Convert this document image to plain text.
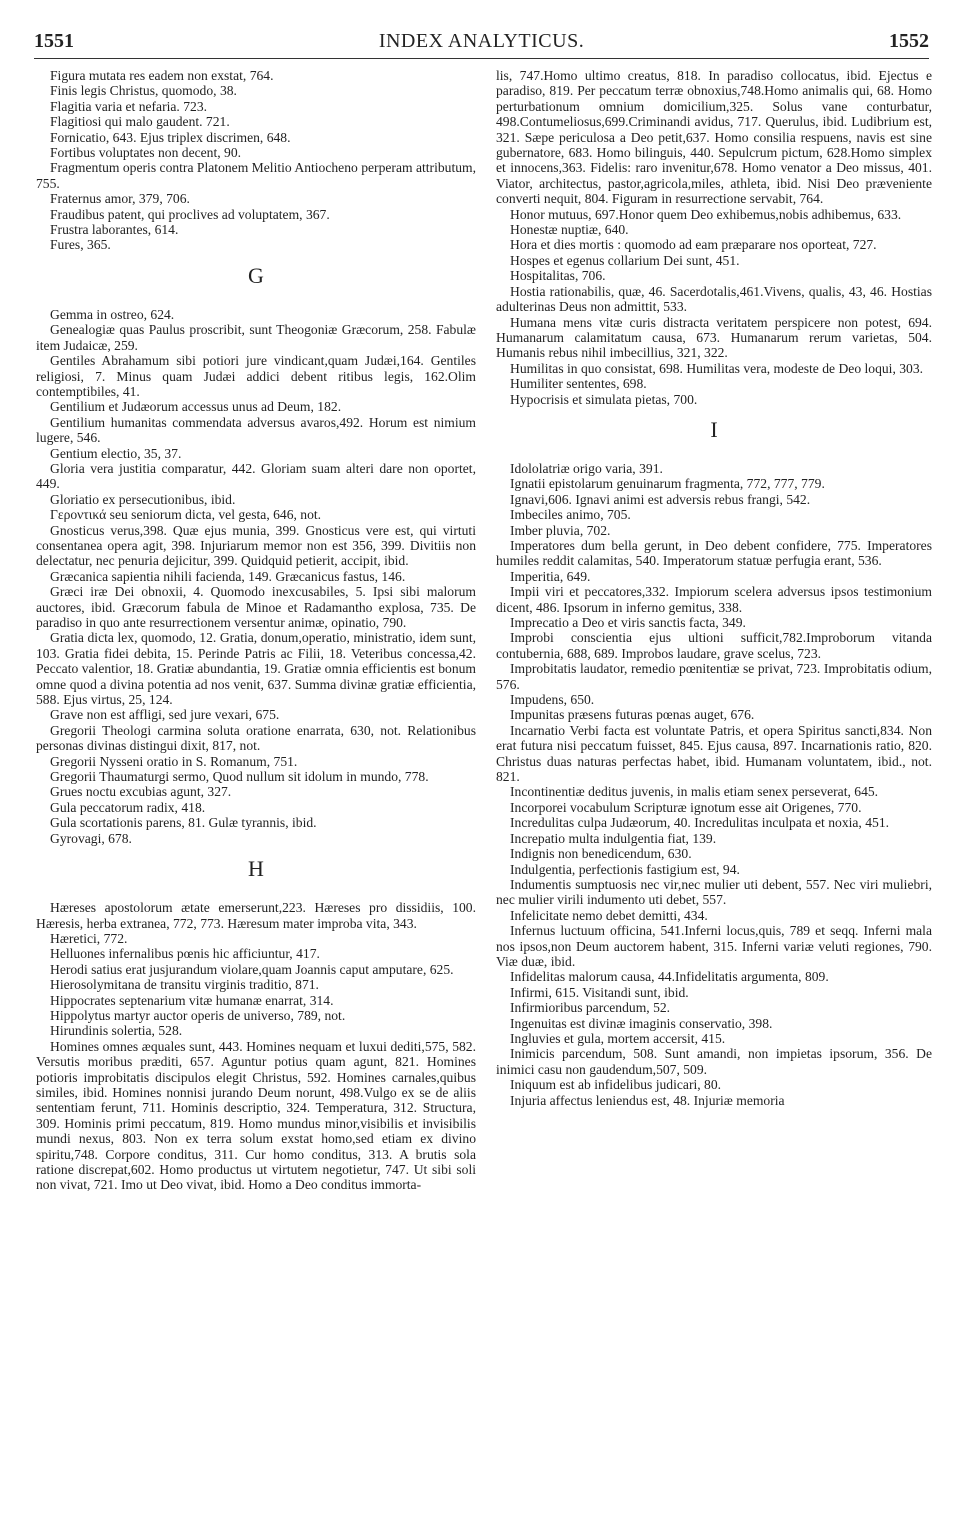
1551	INDEX ANALYTICUS.	1552

Figura mutata res eadem non exstat, 764.

Finis legis Christus, quomodo, 38.

Flagitia varia et nefaria. 723.

Flagitiosi qui malo gaudent. 721.

Fornicatio, 643. Ejus triplex discrimen, 648.

Fortibus voluptates non decent, 90.

Fragmentum operis contra Platonem Melitio Antiocheno perperam attributum, 755.

Fraternus amor, 379, 706.

Fraudibus patent, qui proclives ad voluptatem, 367.

Frustra laborantes, 614.

Fures, 365.

G

Gemma in ostreo, 624.

Genealogiæ quas Paulus proscribit, sunt Theogoniæ Græcorum, 258. Fabulæ item Judaicæ, 259.

Gentiles Abrahamum sibi potiori jure vindicant,quam Judæi,164. Gentiles religiosi, 7. Minus quam Judæi addici debent ritibus legis, 162.Olim contemptibiles, 41.

Gentilium et Judæorum accessus unus ad Deum, 182.

Gentilium humanitas commendata adversus avaros,492. Horum est nimium lugere, 546.

Gentium electio, 35, 37.

Gloria vera justitia comparatur, 442. Gloriam suam alteri dare non oportet, 449.

Gloriatio ex persecutionibus, ibid.

Γεροντικά seu seniorum dicta, vel gesta, 646, not.

Gnosticus verus,398. Quæ ejus munia, 399. Gnosticus vere est, qui virtuti consentanea opera agit, 398. Injuriarum memor non est 356, 399. Divitiis non delectatur, nec penuria dejicitur, 399. Quidquid petierit, accipit, ibid.

Græcanica sapientia nihili facienda, 149. Græcanicus fastus, 146.

Græci iræ Dei obnoxii, 4. Quomodo inexcusabiles, 5. Ipsi sibi malorum auctores, ibid. Græcorum fabula de Minoe et Radamantho explosa, 735. De paradiso in quo ante resurrectionem versentur animæ, opinatio, 790.

Gratia dicta lex, quomodo, 12. Gratia, donum,operatio, ministratio, idem sunt, 103. Gratia fidei debita, 15. Perinde Patris ac Filii, 18. Veteribus concessa,42. Peccato valentior, 18. Gratiæ abundantia, 19. Gratiæ omnia efficientis est bonum omne quod a divina potentia ad nos venit, 637. Summa divinæ gratiæ efficientia, 588. Ejus virtus, 25, 124.

Grave non est affligi, sed jure vexari, 675.

Gregorii Theologi carmina soluta oratione enarrata, 630, not. Relationibus personas divinas distingui dixit, 817, not.

Gregorii Nysseni oratio in S. Romanum, 751.

Gregorii Thaumaturgi sermo, Quod nullum sit idolum in mundo, 778.

Grues noctu excubias agunt, 327.

Gula peccatorum radix, 418.

Gula scortationis parens, 81. Gulæ tyrannis, ibid.

Gyrovagi, 678.

H

Hæreses apostolorum ætate emerserunt,223. Hæreses pro dissidiis, 100. Hæresis, herba extranea, 772, 773. Hæresum mater improba vita, 343.

Hæretici, 772.

Helluones infernalibus pœnis hic afficiuntur, 417.

Herodi satius erat jusjurandum violare,quam Joannis caput amputare, 625.

Hierosolymitana de transitu virginis traditio, 871.

Hippocrates septenarium vitæ humanæ enarrat, 314.

Hippolytus martyr auctor operis de universo, 789, not.

Hirundinis solertia, 528.

Homines omnes æquales sunt, 443. Homines nequam et luxui dediti,575, 582. Versutis moribus præditi, 657. Aguntur potius quam agunt, 821. Homines potioris improbitatis discipulos elegit Christus, 592. Homines carnales,quibus similes, ibid. Homines nonnisi jurando Deum norunt, 498.Vulgo ex se de aliis sententiam ferunt, 711. Hominis descriptio, 324. Temperatura, 312. Structura, 309. Hominis primi peccatum, 819. Homo mundus minor,visibilis et invisibilis mundi nexus, 803. Non ex terra solum exstat homo,sed etiam ex divino spiritu,748. Corpore conditus, 311. Cur homo conditus, 313. A brutis sola ratione discrepat,602. Homo productus ut virtutem negotietur, 747. Ut sibi soli non vivat, 721. Imo ut Deo vivat, ibid. Homo a Deo conditus immorta-

lis, 747.Homo ultimo creatus, 818. In paradiso collocatus, ibid. Ejectus e paradiso, 819. Per peccatum terræ obnoxius,748.Homo animalis qui, 68. Homo perturbationum omnium domicilium,325. Solus vane conturbatur, 498.Contumeliosus,699.Criminandi avidus, 717. Querulus, ibid. Ludibrium est, 321. Sæpe periculosa a Deo petit,637. Homo consilia respuens, navis est sine gubernatore, 683. Homo bilinguis, 440. Sepulcrum pictum, 628.Homo simplex et innocens,363. Fidelis: raro invenitur,678. Homo venator a Deo missus, 401. Viator, architectus, pastor,agricola,miles, athleta, ibid. Nisi Deo præveniente converti nequit, 804. Figuram in resurrectione servabit, 764.

Honor mutuus, 697.Honor quem Deo exhibemus,nobis adhibemus, 633.

Honestæ nuptiæ, 640.

Hora et dies mortis : quomodo ad eam præparare nos oporteat, 727.

Hospes et egenus collarium Dei sunt, 451.

Hospitalitas, 706.

Hostia rationabilis, quæ, 46. Sacerdotalis,461.Vivens, qualis, 43, 46. Hostias adulterinas Deus non admittit, 533.

Humana mens vitæ curis distracta veritatem perspicere non potest, 694. Humanarum calamitatum causa, 673. Humanarum rerum varietas, 504. Humanis rebus nihil imbecillius, 321, 322.

Humilitas in quo consistat, 698. Humilitas vera, modeste de Deo loqui, 303.

Humiliter sententes, 698.

Hypocrisis et simulata pietas, 700.

I

Idololatriæ origo varia, 391.

Ignatii epistolarum genuinarum fragmenta, 772, 777, 779.

Ignavi,606. Ignavi animi est adversis rebus frangi, 542.

Imbeciles animo, 705.

Imber pluvia, 702.

Imperatores dum bella gerunt, in Deo debent confidere, 775. Imperatores humiles reddit calamitas, 540. Imperatorum statuæ perfugia erant, 536.

Imperitia, 649.

Impii viri et peccatores,332. Impiorum scelera adversus ipsos testimonium dicent, 486. Ipsorum in inferno gemitus, 338.

Imprecatio a Deo et viris sanctis facta, 349.

Improbi conscientia ejus ultioni sufficit,782.Improborum vitanda contubernia, 688, 689. Improbos laudare, grave scelus, 723.

Improbitatis laudator, remedio pœnitentiæ se privat, 723. Improbitatis odium, 576.

Impudens, 650.

Impunitas præsens futuras pœnas auget, 676.

Incarnatio Verbi facta est voluntate Patris, et opera Spiritus sancti,834. Non erat futura nisi peccatum fuisset, 845. Ejus causa, 897. Incarnationis ratio, 820. Christus duas naturas perfectas habet, ibid. Humanam voluntatem, ibid., not. 821.

Incontinentiæ deditus juvenis, in malis etiam senex perseverat, 645.

Incorporei vocabulum Scripturæ ignotum esse ait Origenes, 770.

Incredulitas culpa Judæorum, 40. Incredulitas inculpata et noxia, 451.

Increpatio multa indulgentia fiat, 139.

Indignis non benedicendum, 630.

Indulgentia, perfectionis fastigium est, 94.

Indumentis sumptuosis nec vir,nec mulier uti debent, 557. Nec viri muliebri, nec mulier virili indumento uti debet, 557.

Infelicitate nemo debet demitti, 434.

Infernus luctuum officina, 541.Inferni locus,quis, 789 et seqq. Inferni mala nos ipsos,non Deum auctorem habent, 315. Inferni variæ veluti regiones, 790. Viæ duæ, ibid.

Infidelitas malorum causa, 44.Infidelitatis argumenta, 809.

Infirmi, 615. Visitandi sunt, ibid.

Infirmioribus parcendum, 52.

Ingenuitas est divinæ imaginis conservatio, 398.

Ingluvies et gula, mortem accersit, 415.

Inimicis parcendum, 508. Sunt amandi, non impietas ipsorum, 356. De inimici casu non gaudendum,507, 509.

Iniquum est ab infidelibus judicari, 80.

Injuria affectus leniendus est, 48. Injuriæ memoria
